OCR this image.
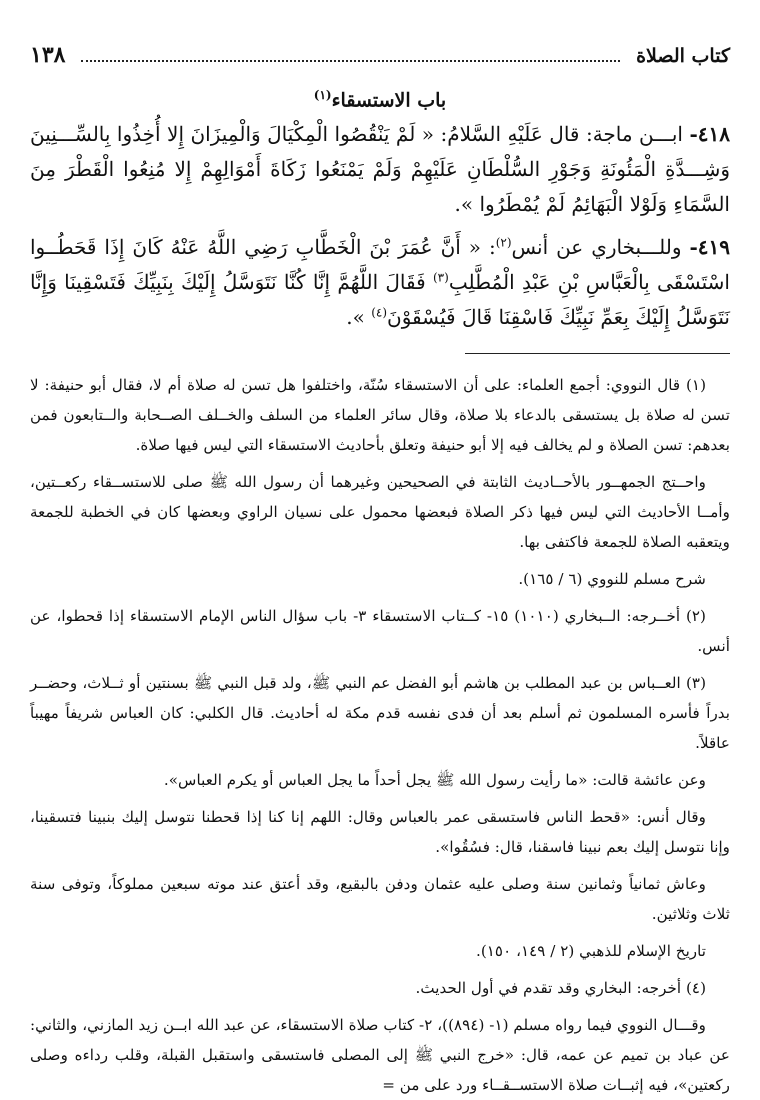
كتاب الصلاة
١٣٨
باب الاستسقاء$^{(١)}$

٤١٨- ابـــن ماجة: قال عَلَيْهِ السَّلامُ: « لَمْ يَنْقُصُوا الْمِكْيَالَ وَالْمِيزَانَ إِلا أُخِذُوا بِالسِّـــنِينَ وَشِـــدَّةِ الْمَئُونَةِ وَجَوْرِ السُّلْطَانِ عَلَيْهِمْ وَلَمْ يَمْنَعُوا زَكَاةَ أَمْوَالِهِمْ إِلا مُنِعُوا الْقَطْرَ مِنَ السَّمَاءِ وَلَوْلا الْبَهَائِمُ لَمْ يُمْطَرُوا ».

٤١٩- وللـــبخاري عن أنس$^{(٢)}$: « أَنَّ عُمَرَ بْنَ الْخَطَّابِ رَضِي اللَّهُ عَنْهُ كَانَ إِذَا قَحَطُــوا اسْتَسْقَى بِالْعَبَّاسِ بْنِ عَبْدِ الْمُطَّلِبِ$^{(٣)}$ فَقَالَ اللَّهُمَّ إِنَّا كُنَّا نَتَوَسَّلُ إِلَيْكَ بِنَبِيِّكَ فَتَسْقِينَا وَإِنَّا نَتَوَسَّلُ إِلَيْكَ بِعَمِّ نَبِيِّكَ فَاسْقِنَا قَالَ فَيُسْقَوْنَ$^{(٤)}$ ».

(١) قال النووي: أجمع العلماء: على أن الاستسقاء سُنّة، واختلفوا هل تسن له صلاة أم لا، فقال أبو حنيفة: لا تسن له صلاة بل يستسقى بالدعاء بلا صلاة، وقال سائر العلماء من السلف والخــلف الصــحابة والــتابعون فمن بعدهم: تسن الصلاة و لم يخالف فيه إلا أبو حنيفة وتعلق بأحاديث الاستسقاء التي ليس فيها صلاة.

واحــتج الجمهــور بالأحــاديث الثابتة في الصحيحين وغيرهما أن رسول الله ﷺ صلى للاستســقاء ركعــتين، وأمــا الأحاديث التي ليس فيها ذكر الصلاة فبعضها محمول على نسيان الراوي وبعضها كان في الخطبة للجمعة ويتعقبه الصلاة للجمعة فاكتفى بها.

شرح مسلم للنووي (٦ / ١٦٥).

(٢) أخــرجه: الــبخاري (١٠١٠) ١٥- كــتاب الاستسقاء ٣- باب سؤال الناس الإمام الاستسقاء إذا قحطوا، عن أنس.

(٣) العــباس بن عبد المطلب بن هاشم أبو الفضل عم النبي ﷺ، ولد قبل النبي ﷺ بسنتين أو ثــلاث، وحضــر بدراً فأسره المسلمون ثم أسلم بعد أن فدى نفسه قدم مكة له أحاديث. قال الكلبي: كان العباس شريفاً مهيباً عاقلاً.

وعن عائشة قالت: «ما رأيت رسول الله ﷺ يجل أحداً ما يجل العباس أو يكرم العباس».

وقال أنس: «قحط الناس فاستسقى عمر بالعباس وقال: اللهم إنا كنا إذا قحطنا نتوسل إليك بنبينا فتسقينا، وإنا نتوسل إليك بعم نبينا فاسقنا، قال: فسُقُوا».

وعاش ثمانياً وثمانين سنة وصلى عليه عثمان ودفن بالبقيع، وقد أعتق عند موته سبعين مملوكاً، وتوفى سنة ثلاث وثلاثين.

تاريخ الإسلام للذهبي (٢ / ١٤٩، ١٥٠).

(٤) أخرجه: البخاري وقد تقدم في أول الحديث.

وقـــال النووي فيما رواه مسلم (١- (٨٩٤))، ٢- كتاب صلاة الاستسقاء، عن عبد الله ابــن زيد المازني، والثاني: عن عباد بن تميم عن عمه، قال: «خرج النبي ﷺ إلى المصلى فاستسقى واستقبل القبلة، وقلب رداءه وصلى ركعتين»، فيه إثبــات صلاة الاستســقــاء ورد على من =
